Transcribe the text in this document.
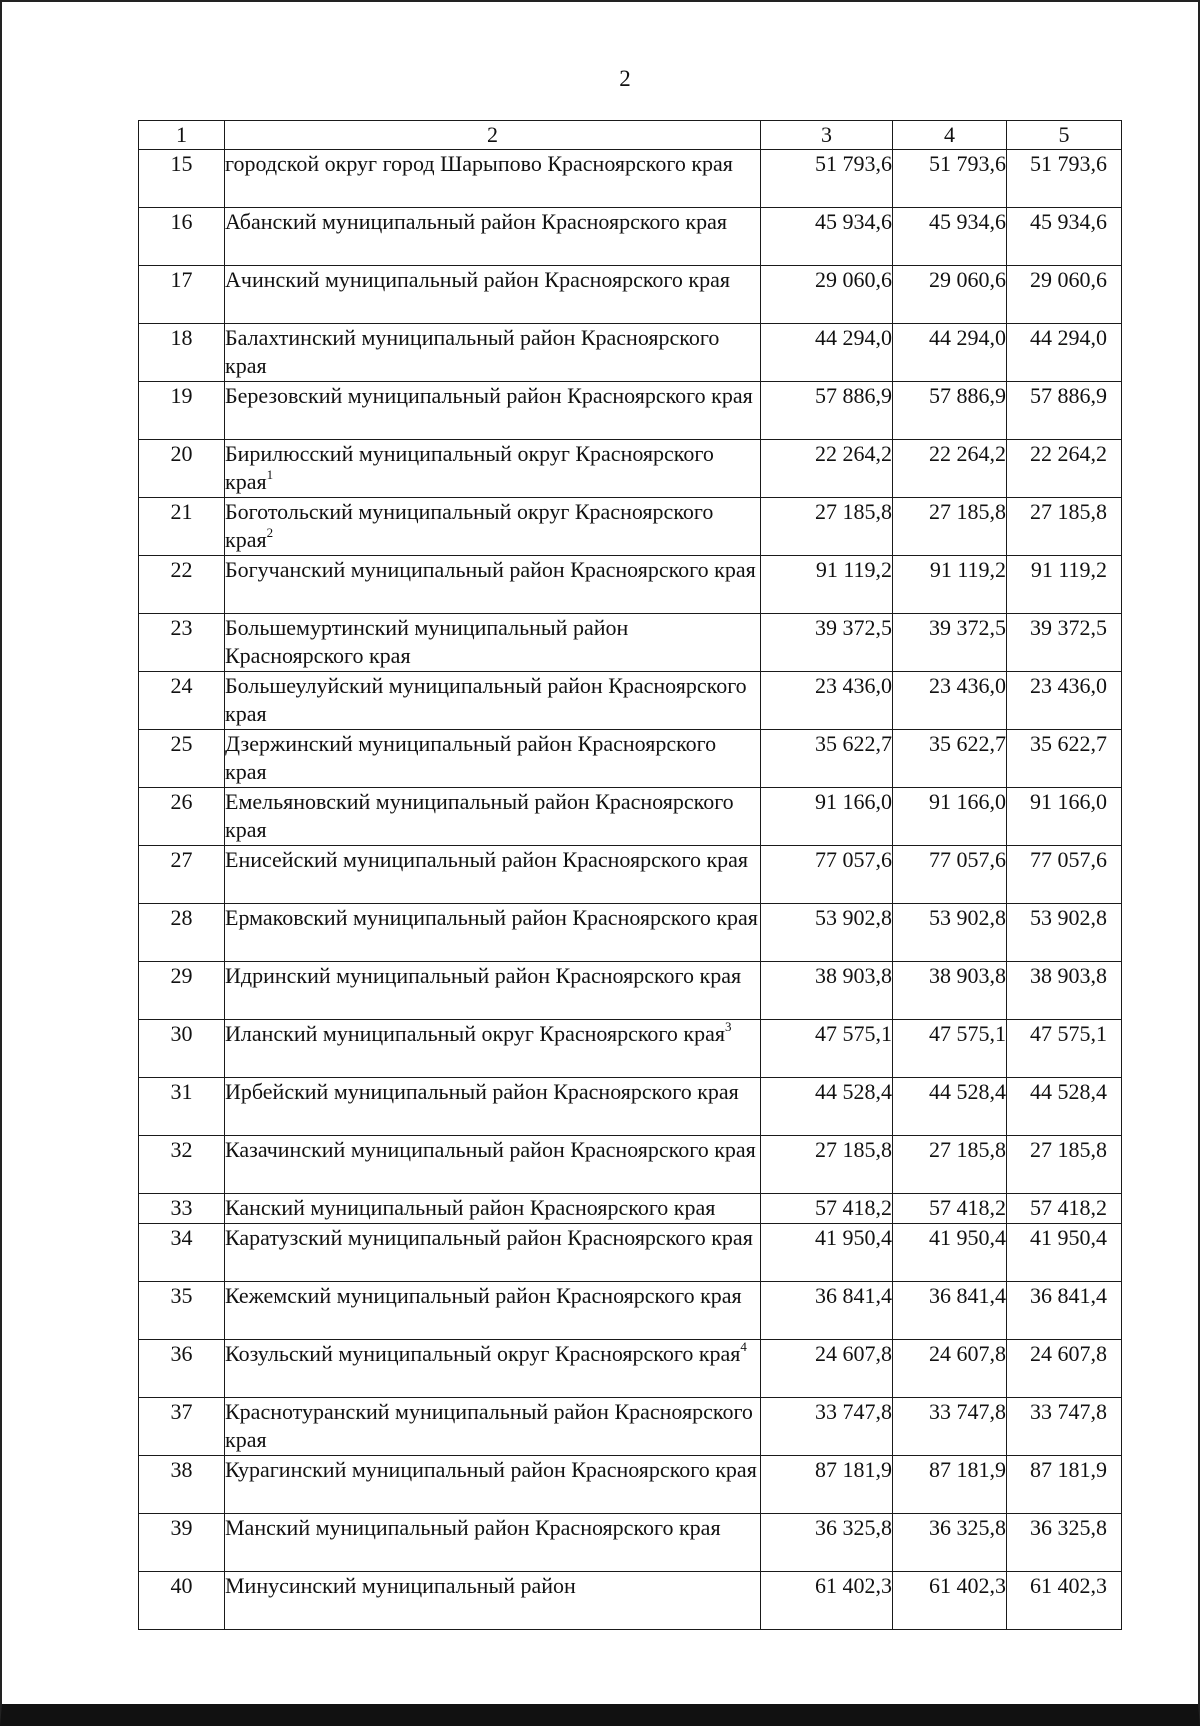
2
1	2	3	4	5
15	городской округ город Шарыпово Красноярского края	51 793,6	51 793,6	51 793,6
16	Абанский муниципальный район Красноярского края	45 934,6	45 934,6	45 934,6
17	Ачинский муниципальный район Красноярского края	29 060,6	29 060,6	29 060,6
18	Балахтинский муниципальный район Красноярского края	44 294,0	44 294,0	44 294,0
19	Березовский муниципальный район Красноярского края	57 886,9	57 886,9	57 886,9
20	Бирилюсский муниципальный округ Красноярского края$^1$	22 264,2	22 264,2	22 264,2
21	Боготольский муниципальный округ Красноярского края$^2$	27 185,8	27 185,8	27 185,8
22	Богучанский муниципальный район Красноярского края	91 119,2	91 119,2	91 119,2
23	Большемуртинский муниципальный район Красноярского края	39 372,5	39 372,5	39 372,5
24	Большеулуйский муниципальный район Красноярского края	23 436,0	23 436,0	23 436,0
25	Дзержинский муниципальный район Красноярского края	35 622,7	35 622,7	35 622,7
26	Емельяновский муниципальный район Красноярского края	91 166,0	91 166,0	91 166,0
27	Енисейский муниципальный район Красноярского края	77 057,6	77 057,6	77 057,6
28	Ермаковский муниципальный район Красноярского края	53 902,8	53 902,8	53 902,8
29	Идринский муниципальный район Красноярского края	38 903,8	38 903,8	38 903,8
30	Иланский муниципальный округ Красноярского края$^3$	47 575,1	47 575,1	47 575,1
31	Ирбейский муниципальный район Красноярского края	44 528,4	44 528,4	44 528,4
32	Казачинский муниципальный район Красноярского края	27 185,8	27 185,8	27 185,8
33	Канский муниципальный район Красноярского края	57 418,2	57 418,2	57 418,2
34	Каратузский муниципальный район Красноярского края	41 950,4	41 950,4	41 950,4
35	Кежемский муниципальный район Красноярского края	36 841,4	36 841,4	36 841,4
36	Козульский муниципальный округ Красноярского края$^4$	24 607,8	24 607,8	24 607,8
37	Краснотуранский муниципальный район Красноярского края	33 747,8	33 747,8	33 747,8
38	Курагинский муниципальный район Красноярского края	87 181,9	87 181,9	87 181,9
39	Манский муниципальный район Красноярского края	36 325,8	36 325,8	36 325,8
40	Минусинский муниципальный район	61 402,3	61 402,3	61 402,3
